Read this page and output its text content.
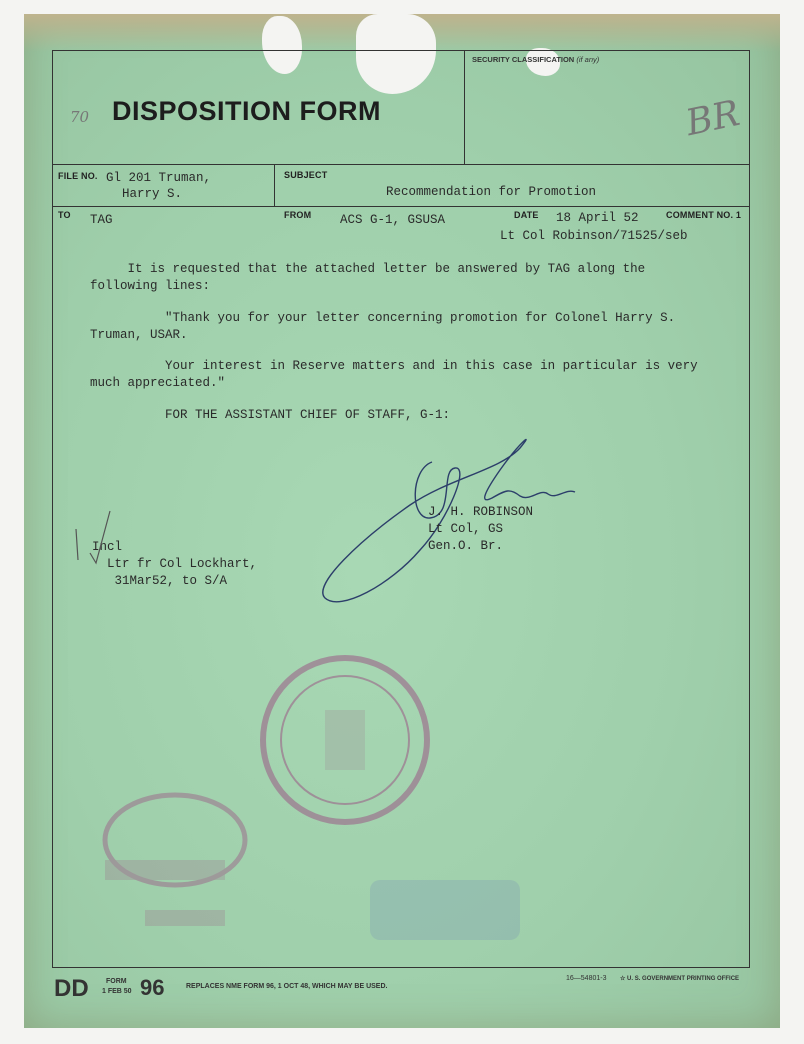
DISPOSITION FORM
SECURITY CLASSIFICATION (if any)
70	BR
FILE NO. Gl 201 Truman,
Harry S.
SUBJECT
Recommendation for Promotion
TO TAG	FROM ACS G-1, GSUSA	DATE 18 April 52	COMMENT NO. 1
Lt Col Robinson/71525/seb
It is requested that the attached letter be answered by TAG along the
following lines:
"Thank you for your letter concerning promotion for Colonel Harry S.
Truman, USAR.
Your interest in Reserve matters and in this case in particular is very
much appreciated."
FOR THE ASSISTANT CHIEF OF STAFF, G-1:
J. H. ROBINSON
Lt Col, GS
Gen.O. Br.
Incl
Ltr fr Col Lockhart,
31Mar52, to S/A
DD FORM
1 FEB 50 96	REPLACES NME FORM 96, 1 OCT 48, WHICH MAY BE USED.
16—54801-3 ☆ U. S. GOVERNMENT PRINTING OFFICE
